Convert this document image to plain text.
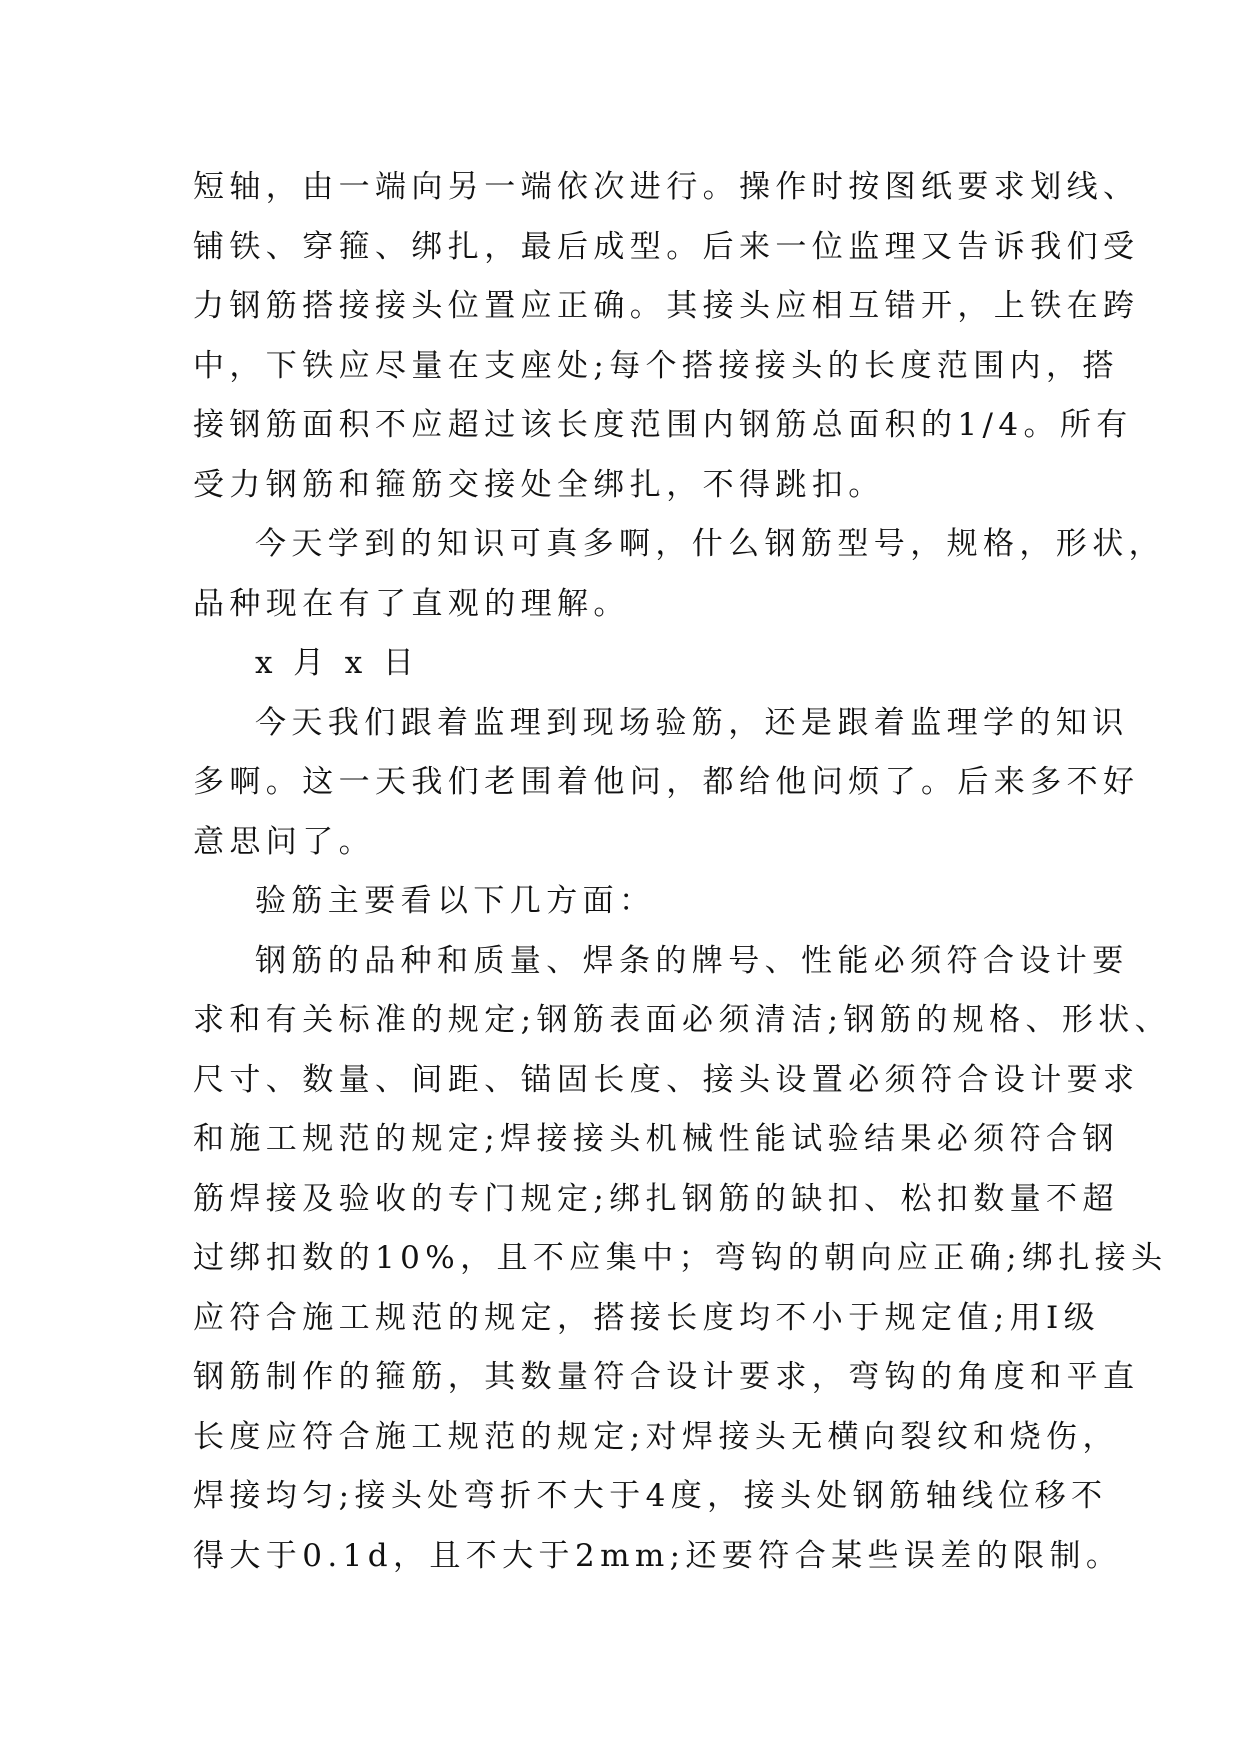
短轴，由一端向另一端依次进行。操作时按图纸要求划线、
铺铁、穿箍、绑扎，最后成型。后来一位监理又告诉我们受
力钢筋搭接接头位置应正确。其接头应相互错开，上铁在跨
中，下铁应尽量在支座处;每个搭接接头的长度范围内，搭
接钢筋面积不应超过该长度范围内钢筋总面积的1/4。所有
受力钢筋和箍筋交接处全绑扎，不得跳扣。
今天学到的知识可真多啊，什么钢筋型号，规格，形状，
品种现在有了直观的理解。
x 月 x 日
今天我们跟着监理到现场验筋，还是跟着监理学的知识
多啊。这一天我们老围着他问，都给他问烦了。后来多不好
意思问了。
验筋主要看以下几方面：
钢筋的品种和质量、焊条的牌号、性能必须符合设计要
求和有关标准的规定;钢筋表面必须清洁;钢筋的规格、形状、
尺寸、数量、间距、锚固长度、接头设置必须符合设计要求
和施工规范的规定;焊接接头机械性能试验结果必须符合钢
筋焊接及验收的专门规定;绑扎钢筋的缺扣、松扣数量不超
过绑扣数的10%，且不应集中；弯钩的朝向应正确;绑扎接头
应符合施工规范的规定，搭接长度均不小于规定值;用Ⅰ级
钢筋制作的箍筋，其数量符合设计要求，弯钩的角度和平直
长度应符合施工规范的规定;对焊接头无横向裂纹和烧伤，
焊接均匀;接头处弯折不大于4度，接头处钢筋轴线位移不
得大于0.1d，且不大于2mm;还要符合某些误差的限制。
